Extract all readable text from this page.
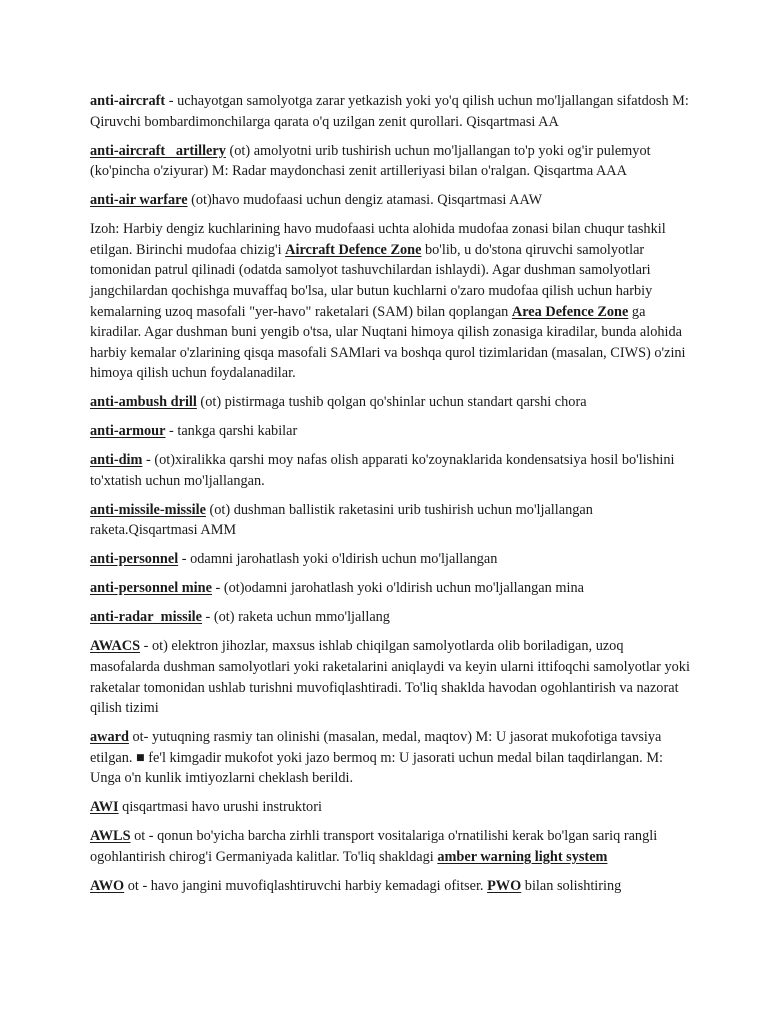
anti-aircraft - uchayotgan samolyotga zarar yetkazish yoki yo'q qilish uchun mo'ljallangan sifatdosh M: Qiruvchi bombardimonchilarga qarata o'q uzilgan zenit qurollari. Qisqartmasi AA

anti-aircraft   artillery (ot) amolyotni urib tushirish uchun mo'ljallangan to'p yoki og'ir pulemyot (ko'pincha o'ziyurar) M: Radar maydonchasi zenit artilleriyasi bilan o'ralgan. Qisqartma AAA

anti-air warfare (ot)havo mudofaasi uchun dengiz atamasi. Qisqartmasi AAW

Izoh: Harbiy dengiz kuchlarining havo mudofaasi uchta alohida mudofaa zonasi bilan chuqur tashkil etilgan. Birinchi mudofaa chizig'i Aircraft Defence Zone bo'lib, u do'stona qiruvchi samolyotlar tomonidan patrul qilinadi (odatda samolyot tashuvchilardan ishlaydi). Agar dushman samolyotlari jangchilardan qochishga muvaffaq bo'lsa, ular butun kuchlarni o'zaro mudofaa qilish uchun harbiy kemalarning uzoq masofali "yer-havo" raketalari (SAM) bilan qoplangan Area Defence Zone ga kiradilar. Agar dushman buni yengib o'tsa, ular Nuqtani himoya qilish zonasiga kiradilar, bunda alohida harbiy kemalar o'zlarining qisqa masofali SAMlari va boshqa qurol tizimlaridan (masalan, CIWS) o'zini himoya qilish uchun foydalanadilar.

anti-ambush drill (ot) pistirmaga tushib qolgan qo'shinlar uchun standart qarshi chora

anti-armour - tankga qarshi kabilar

anti-dim - (ot)xiralikka qarshi moy nafas olish apparati ko'zoynaklarida kondensatsiya hosil bo'lishini to'xtatish uchun mo'ljallangan.

anti-missile-missile (ot) dushman ballistik raketasini urib tushirish uchun mo'ljallangan raketa.Qisqartmasi AMM

anti-personnel - odamni jarohatlash yoki o'ldirish uchun mo'ljallangan

anti-personnel mine - (ot)odamni jarohatlash yoki o'ldirish uchun mo'ljallangan mina

anti-radar  missile - (ot) raketa uchun mmo'ljallang

AWACS - ot) elektron jihozlar, maxsus ishlab chiqilgan samolyotlarda olib boriladigan, uzoq masofalarda dushman samolyotlari yoki raketalarini aniqlaydi va keyin ularni ittifoqchi samolyotlar yoki raketalar tomonidan ushlab turishni muvofiqlashtiradi. To'liq shaklda havodan ogohlantirish va nazorat qilish tizimi

award ot- yutuqning rasmiy tan olinishi (masalan, medal, maqtov) M: U jasorat mukofotiga tavsiya etilgan. ■ fe'l kimgadir mukofot yoki jazo bermoq m: U jasorati uchun medal bilan taqdirlangan. M: Unga o'n kunlik imtiyozlarni cheklash berildi.

AWI qisqartmasi havo urushi instruktori

AWLS ot - qonun bo'yicha barcha zirhli transport vositalariga o'rnatilishi kerak bo'lgan sariq rangli ogohlantirish chirog'i Germaniyada kalitlar. To'liq shakldagi amber warning light system

AWO ot - havo jangini muvofiqlashtiruvchi harbiy kemadagi ofitser. PWO bilan solishtiring
